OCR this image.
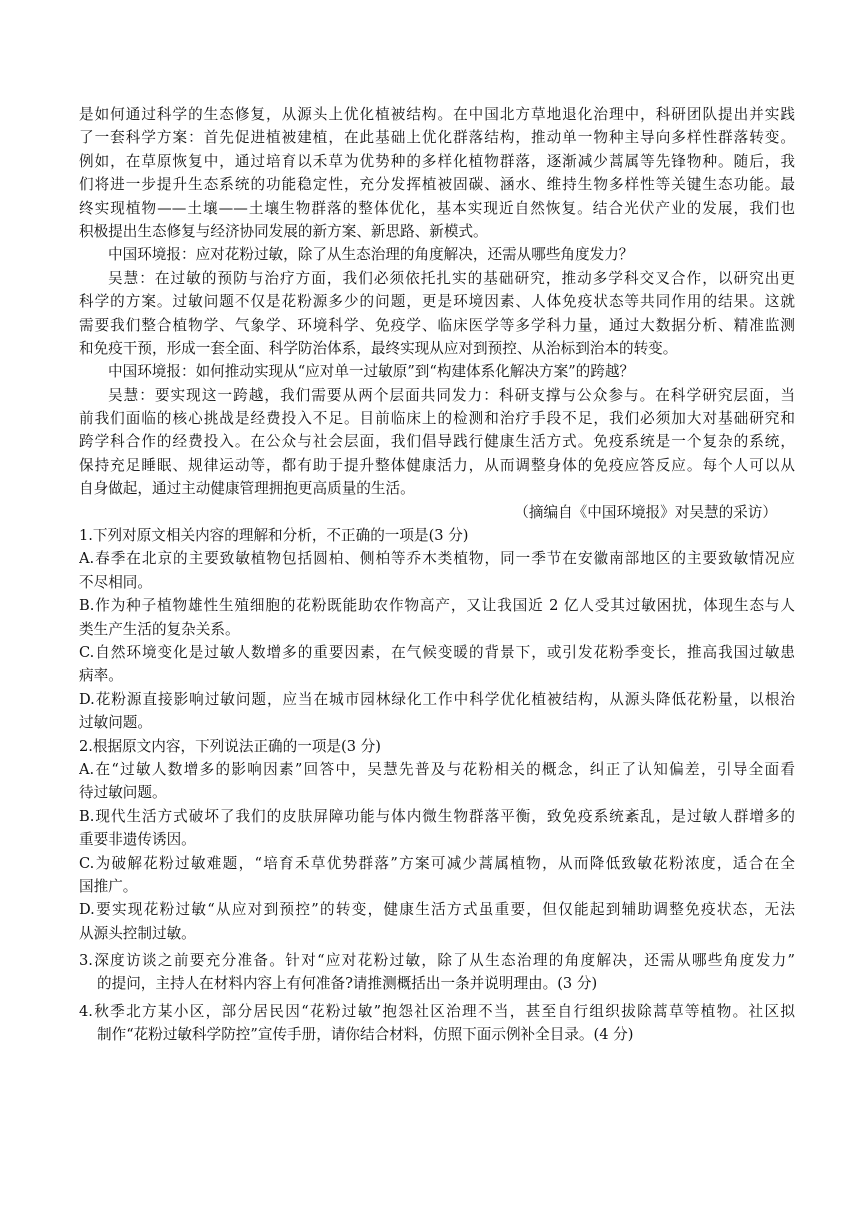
是如何通过科学的生态修复，从源头上优化植被结构。在中国北方草地退化治理中，科研团队提出并实践
了一套科学方案：首先促进植被建植，在此基础上优化群落结构，推动单一物种主导向多样性群落转变。
例如，在草原恢复中，通过培育以禾草为优势种的多样化植物群落，逐渐减少蒿属等先锋物种。随后，我
们将进一步提升生态系统的功能稳定性，充分发挥植被固碳、涵水、维持生物多样性等关键生态功能。最
终实现植物——土壤——土壤生物群落的整体优化，基本实现近自然恢复。结合光伏产业的发展，我们也
积极提出生态修复与经济协同发展的新方案、新思路、新模式。
中国环境报：应对花粉过敏，除了从生态治理的角度解决，还需从哪些角度发力？
吴慧：在过敏的预防与治疗方面，我们必须依托扎实的基础研究，推动多学科交叉合作，以研究出更
科学的方案。过敏问题不仅是花粉源多少的问题，更是环境因素、人体免疫状态等共同作用的结果。这就
需要我们整合植物学、气象学、环境科学、免疫学、临床医学等多学科力量，通过大数据分析、精准监测
和免疫干预，形成一套全面、科学防治体系，最终实现从应对到预控、从治标到治本的转变。
中国环境报：如何推动实现从“应对单一过敏原”到“构建体系化解决方案”的跨越？
吴慧：要实现这一跨越，我们需要从两个层面共同发力：科研支撑与公众参与。在科学研究层面，当
前我们面临的核心挑战是经费投入不足。目前临床上的检测和治疗手段不足，我们必须加大对基础研究和
跨学科合作的经费投入。在公众与社会层面，我们倡导践行健康生活方式。免疫系统是一个复杂的系统，
保持充足睡眠、规律运动等，都有助于提升整体健康活力，从而调整身体的免疫应答反应。每个人可以从
自身做起，通过主动健康管理拥抱更高质量的生活。
（摘编自《中国环境报》对吴慧的采访）
1.下列对原文相关内容的理解和分析，不正确的一项是(3 分)
A.春季在北京的主要致敏植物包括圆柏、侧柏等乔木类植物，同一季节在安徽南部地区的主要致敏情况应
不尽相同。
B.作为种子植物雄性生殖细胞的花粉既能助农作物高产，又让我国近 2 亿人受其过敏困扰，体现生态与人
类生产生活的复杂关系。
C.自然环境变化是过敏人数增多的重要因素，在气候变暖的背景下，或引发花粉季变长，推高我国过敏患
病率。
D.花粉源直接影响过敏问题，应当在城市园林绿化工作中科学优化植被结构，从源头降低花粉量，以根治
过敏问题。
2.根据原文内容，下列说法正确的一项是(3 分)
A.在“过敏人数增多的影响因素”回答中，吴慧先普及与花粉相关的概念，纠正了认知偏差，引导全面看
待过敏问题。
B.现代生活方式破坏了我们的皮肤屏障功能与体内微生物群落平衡，致免疫系统紊乱，是过敏人群增多的
重要非遗传诱因。
C.为破解花粉过敏难题，“培育禾草优势群落”方案可减少蒿属植物，从而降低致敏花粉浓度，适合在全
国推广。
D.要实现花粉过敏“从应对到预控”的转变，健康生活方式虽重要，但仅能起到辅助调整免疫状态，无法
从源头控制过敏。
3.深度访谈之前要充分准备。针对“应对花粉过敏，除了从生态治理的角度解决，还需从哪些角度发力”
的提问，主持人在材料内容上有何准备?请推测概括出一条并说明理由。(3 分)
4.秋季北方某小区，部分居民因“花粉过敏”抱怨社区治理不当，甚至自行组织拔除蒿草等植物。社区拟
制作“花粉过敏科学防控”宣传手册，请你结合材料，仿照下面示例补全目录。(4 分)
